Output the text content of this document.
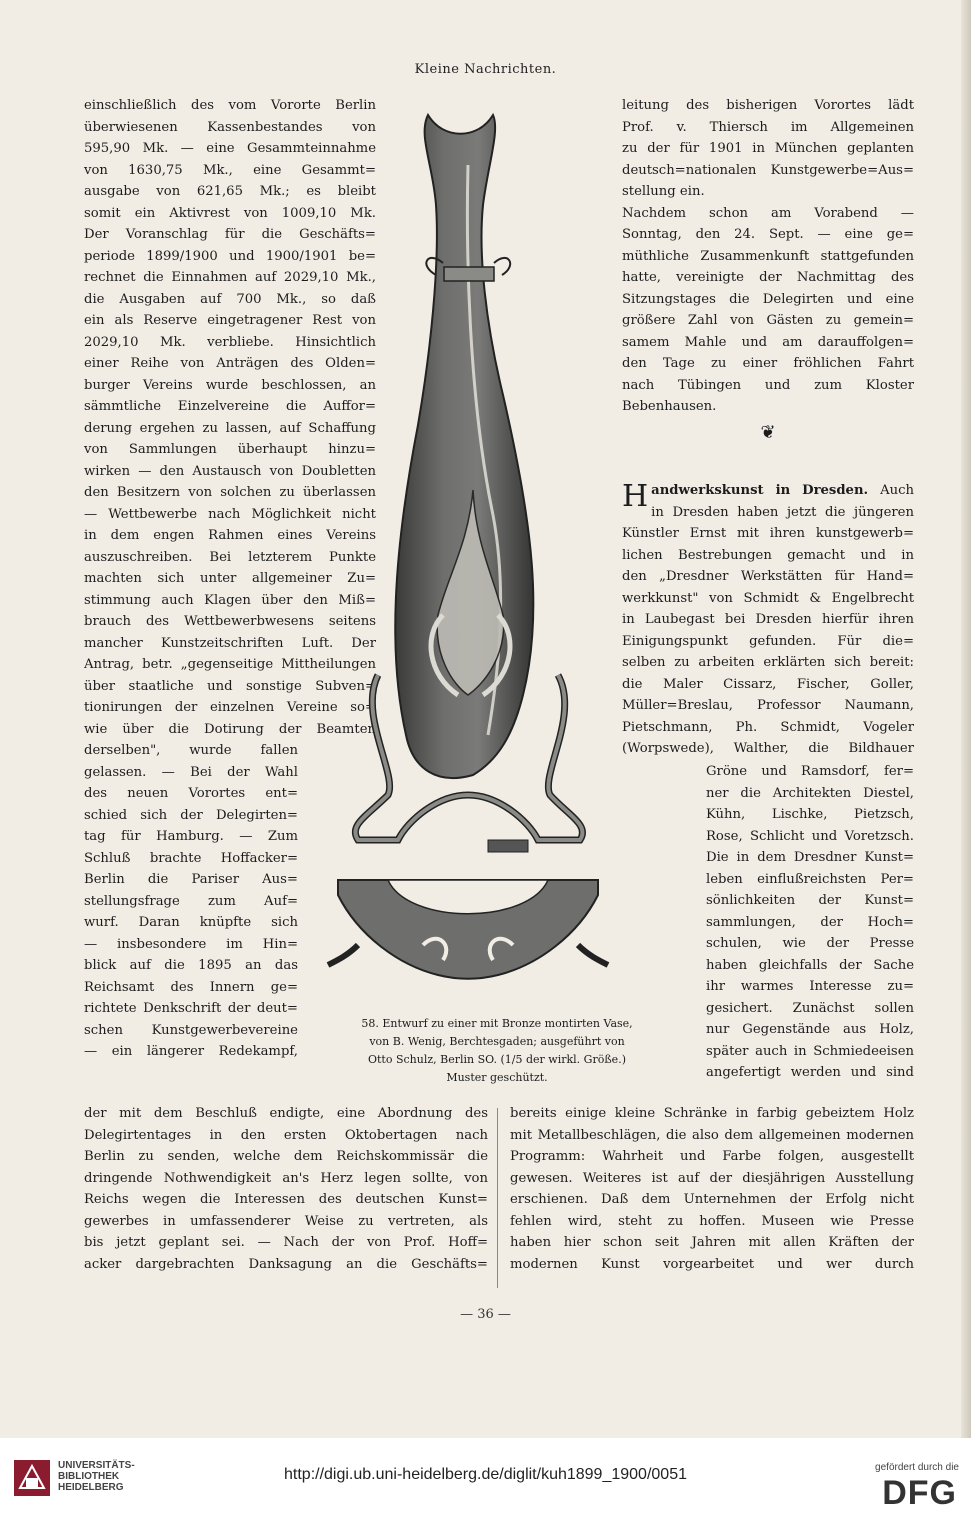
Kleine Nachrichten.
einschließlich des vom Vororte Berlin
überwiesenen Kassenbestandes von
595,90 Mk. — eine Gesammteinnahme
von 1630,75 Mk., eine Gesammt=
ausgabe von 621,65 Mk.; es bleibt
somit ein Aktivrest von 1009,10 Mk.
Der Voranschlag für die Geschäfts=
periode 1899/1900 und 1900/1901 be=
rechnet die Einnahmen auf 2029,10 Mk.,
die Ausgaben auf 700 Mk., so daß
ein als Reserve eingetragener Rest von
2029,10 Mk. verbliebe. Hinsichtlich
einer Reihe von Anträgen des Olden=
burger Vereins wurde beschlossen, an
sämmtliche Einzelvereine die Auffor=
derung ergehen zu lassen, auf Schaffung
von Sammlungen überhaupt hinzu=
wirken — den Austausch von Doubletten
den Besitzern von solchen zu überlassen
— Wettbewerbe nach Möglichkeit nicht
in dem engen Rahmen eines Vereins
auszuschreiben. Bei letzterem Punkte
machten sich unter allgemeiner Zu=
stimmung auch Klagen über den Miß=
brauch des Wettbewerbwesens seitens
mancher Kunstzeitschriften Luft. Der
Antrag, betr. „gegenseitige Mittheilungen
über staatliche und sonstige Subven=
tionirungen der einzelnen Vereine so=
wie über die Dotirung der Beamten
derselben", wurde fallen
gelassen. — Bei der Wahl
des neuen Vorortes ent=
schied sich der Delegirten=
tag für Hamburg. — Zum
Schluß brachte Hoffacker=
Berlin die Pariser Aus=
stellungsfrage zum Auf=
wurf. Daran knüpfte sich
— insbesondere im Hin=
blick auf die 1895 an das
Reichsamt des Innern ge=
richtete Denkschrift der deut=
schen Kunstgewerbevereine
— ein längerer Redekampf,
leitung des bisherigen Vorortes lädt
Prof. v. Thiersch im Allgemeinen
zu der für 1901 in München geplanten
deutsch=nationalen Kunstgewerbe=Aus=
stellung ein.
Nachdem schon am Vorabend —
Sonntag, den 24. Sept. — eine ge=
müthliche Zusammenkunft stattgefunden
hatte, vereinigte der Nachmittag des
Sitzungstages die Delegirten und eine
größere Zahl von Gästen zu gemein=
samem Mahle und am darauffolgen=
den Tage zu einer fröhlichen Fahrt
nach Tübingen und zum Kloster
Bebenhausen.
❦
H andwerkskunst in Dresden. Auch
in Dresden haben jetzt die jüngeren
Künstler Ernst mit ihren kunstgewerb=
lichen Bestrebungen gemacht und in
den „Dresdner Werkstätten für Hand=
werkkunst" von Schmidt & Engelbrecht
in Laubegast bei Dresden hierfür ihren
Einigungspunkt gefunden. Für die=
selben zu arbeiten erklärten sich bereit:
die Maler Cissarz, Fischer, Goller,
Müller=Breslau, Professor Naumann,
Pietschmann, Ph. Schmidt, Vogeler
(Worpswede), Walther, die Bildhauer
Gröne und Ramsdorf, fer=
ner die Architekten Diestel,
Kühn, Lischke, Pietzsch,
Rose, Schlicht und Voretzsch.
Die in dem Dresdner Kunst=
leben einflußreichsten Per=
sönlichkeiten der Kunst=
sammlungen, der Hoch=
schulen, wie der Presse
haben gleichfalls der Sache
ihr warmes Interesse zu=
gesichert. Zunächst sollen
nur Gegenstände aus Holz,
später auch in Schmiedeeisen
angefertigt werden und sind
der mit dem Beschluß endigte, eine Abordnung des
Delegirtentages in den ersten Oktobertagen nach
Berlin zu senden, welche dem Reichskommissär die
dringende Nothwendigkeit an's Herz legen sollte, von
Reichs wegen die Interessen des deutschen Kunst=
gewerbes in umfassenderer Weise zu vertreten, als
bis jetzt geplant sei. — Nach der von Prof. Hoff=
acker dargebrachten Danksagung an die Geschäfts=
bereits einige kleine Schränke in farbig gebeiztem Holz
mit Metallbeschlägen, die also dem allgemeinen modernen
Programm: Wahrheit und Farbe folgen, ausgestellt
gewesen. Weiteres ist auf der diesjährigen Ausstellung
erschienen. Daß dem Unternehmen der Erfolg nicht
fehlen wird, steht zu hoffen. Museen wie Presse
haben hier schon seit Jahren mit allen Kräften der
modernen Kunst vorgearbeitet und wer durch
58. Entwurf zu einer mit Bronze montirten Vase,
von B. Wenig, Berchtesgaden; ausgeführt von
Otto Schulz, Berlin SO. (1/5 der wirkl. Größe.)
Muster geschützt.
— 36 —
UNIVERSITÄTS-
BIBLIOTHEK
HEIDELBERG
http://digi.ub.uni-heidelberg.de/diglit/kuh1899_1900/0051	gefördert durch die
DFG
